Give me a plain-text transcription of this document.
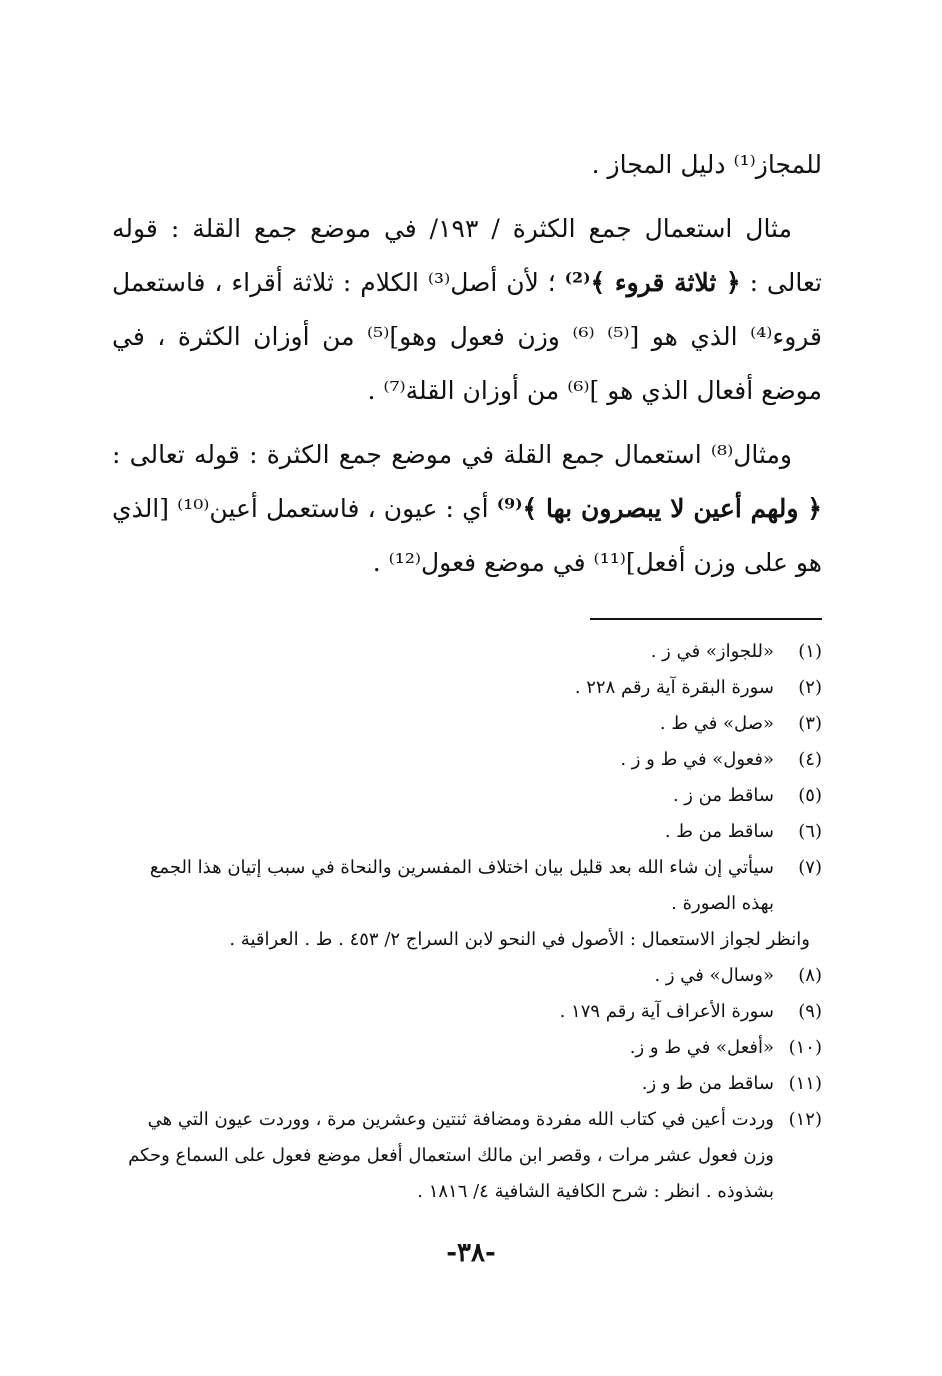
للمجاز⁽¹⁾ دليل المجاز .

مثال استعمال جمع الكثرة / ١٩٣/ في موضع جمع القلة : قوله تعالى : ﴿ ثلاثة قروء ﴾⁽²⁾ ؛ لأن أصل⁽³⁾ الكلام : ثلاثة أقراء ، فاستعمل قروء⁽⁴⁾ الذي هو [⁽⁵⁾ ⁽⁶⁾ وزن فعول وهو]⁽⁵⁾ من أوزان الكثرة ، في موضع أفعال الذي هو ]⁽⁶⁾ من أوزان القلة⁽⁷⁾ .

ومثال⁽⁸⁾ استعمال جمع القلة في موضع جمع الكثرة : قوله تعالى : ﴿ ولهم أعين لا يبصرون بها ﴾⁽⁹⁾ أي : عيون ، فاستعمل أعين⁽¹⁰⁾ [الذي هو على وزن أفعل]⁽¹¹⁾ في موضع فعول⁽¹²⁾ .

(١)
«للجواز» في ز .
(٢)
سورة البقرة آية رقم ٢٢٨ .
(٣)
«صل» في ط .
(٤)
«فعول» في ط و ز .
(٥)
ساقط من ز .
(٦)
ساقط من ط .
(٧)
سيأتي إن شاء الله بعد قليل بيان اختلاف المفسرين والنحاة في سبب إتيان هذا الجمع بهذه الصورة .
وانظر لجواز الاستعمال : الأصول في النحو لابن السراج ٢/ ٤٥٣ . ط . العراقية .
(٨)
«وسال» في ز .
(٩)
سورة الأعراف آية رقم ١٧٩ .
(١٠)
«أفعل» في ط و ز.
(١١)
ساقط من ط و ز.
(١٢)
وردت أعين في كتاب الله مفردة ومضافة ثنتين وعشرين مرة ، ووردت عيون التي هي وزن فعول عشر مرات ، وقصر ابن مالك استعمال أفعل موضع فعول على السماع وحكم بشذوذه . انظر : شرح الكافية الشافية ٤/ ١٨١٦ .
-٣٨-
